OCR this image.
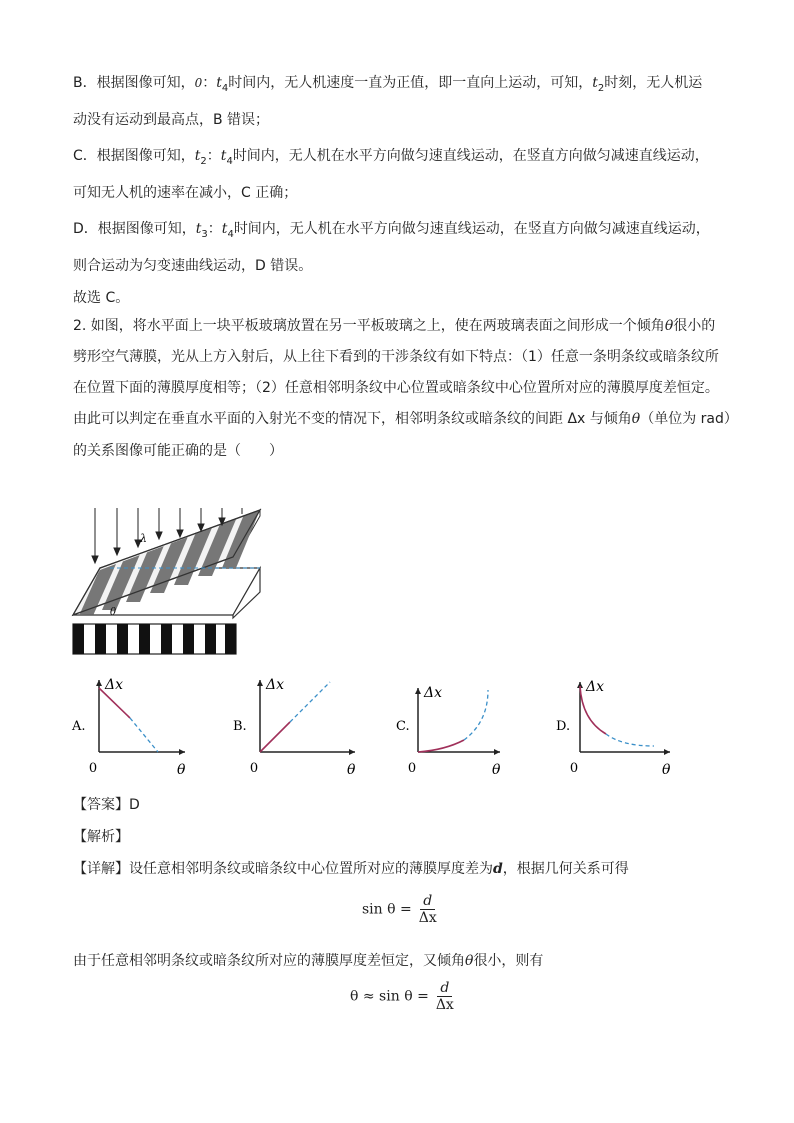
B．根据图像可知，0：$t_4$时间内，无人机速度一直为正值，即一直向上运动，可知，$t_2$时刻，无人机运
动没有运动到最高点，B 错误；
C．根据图像可知，$t_2$：$t_4$时间内，无人机在水平方向做匀速直线运动，在竖直方向做匀减速直线运动，
可知无人机的速率在减小，C 正确；
D．根据图像可知，$t_3$：$t_4$时间内，无人机在水平方向做匀速直线运动，在竖直方向做匀减速直线运动，
则合运动为匀变速曲线运动，D 错误。
故选 C。
2. 如图，将水平面上一块平板玻璃放置在另一平板玻璃之上，使在两玻璃表面之间形成一个倾角θ很小的
劈形空气薄膜，光从上方入射后，从上往下看到的干涉条纹有如下特点：（1）任意一条明条纹或暗条纹所
在位置下面的薄膜厚度相等；（2）任意相邻明条纹中心位置或暗条纹中心位置所对应的薄膜厚度差恒定。
由此可以判定在垂直水平面的入射光不变的情况下，相邻明条纹或暗条纹的间距 Δx 与倾角θ（单位为 rad）
的关系图像可能正确的是（　　）
λ
θ
Δx
0	θ
A.
Δx
0	θ
B.
Δx
0	θ
C.
Δx
0	θ
D.
【答案】D
【解析】
【详解】设任意相邻明条纹或暗条纹中心位置所对应的薄膜厚度差为d，根据几何关系可得
$\sin \theta = \frac{d}{\Delta x}$
由于任意相邻明条纹或暗条纹所对应的薄膜厚度差恒定，又倾角θ很小，则有
$\theta \approx \sin \theta = \frac{d}{\Delta x}$
